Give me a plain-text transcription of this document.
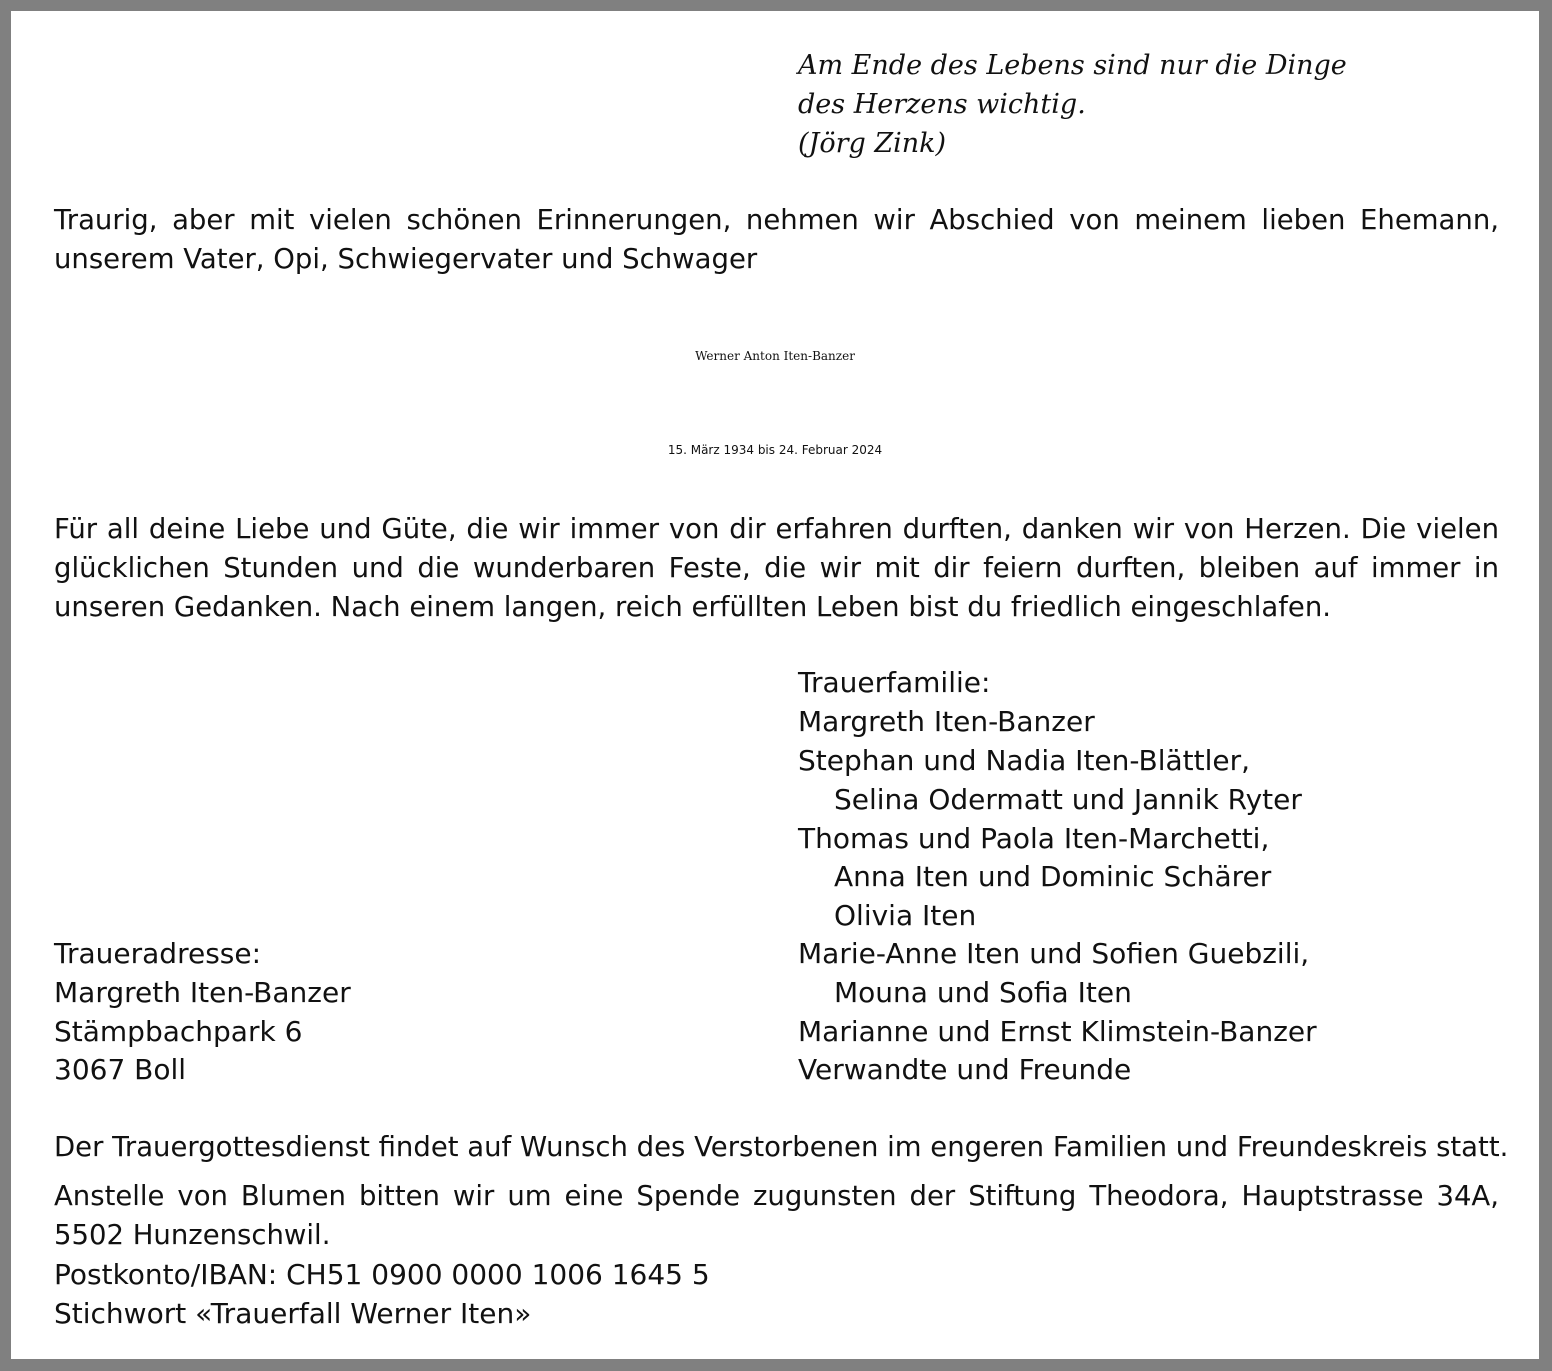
Am Ende des Lebens sind nur die Dinge

des Herzens wichtig.

(Jörg Zink)

Traurig, aber mit vielen schönen Erinnerungen, nehmen wir Abschied von meinem lieben Ehemann, unserem Vater, Opi, Schwiegervater und Schwager

Werner Anton Iten-Banzer

15. März 1934 bis 24. Februar 2024

Für all deine Liebe und Güte, die wir immer von dir erfahren durften, danken wir von Herzen. Die vielen glücklichen Stunden und die wunderbaren Feste, die wir mit dir feiern durften, bleiben auf immer in unseren Gedanken. Nach einem langen, reich erfüllten Leben bist du friedlich eingeschlafen.

Trauerfamilie:

Margreth Iten-Banzer

Stephan und Nadia Iten-Blättler,

Selina Odermatt und Jannik Ryter

Thomas und Paola Iten-Marchetti,

Anna Iten und Dominic Schärer

Olivia Iten

Marie-Anne Iten und Sofien Guebzili,

Mouna und Sofia Iten

Marianne und Ernst Klimstein-Banzer

Verwandte und Freunde

Traueradresse:

Margreth Iten-Banzer

Stämpbachpark 6

3067 Boll

Der Trauergottesdienst findet auf Wunsch des Verstorbenen im engeren Familien und Freundeskreis statt.

Anstelle von Blumen bitten wir um eine Spende zugunsten der Stiftung Theodora, Hauptstrasse 34A, 5502 Hunzenschwil.

Postkonto/IBAN: CH51 0900 0000 1006 1645 5

Stichwort «Trauerfall Werner Iten»
